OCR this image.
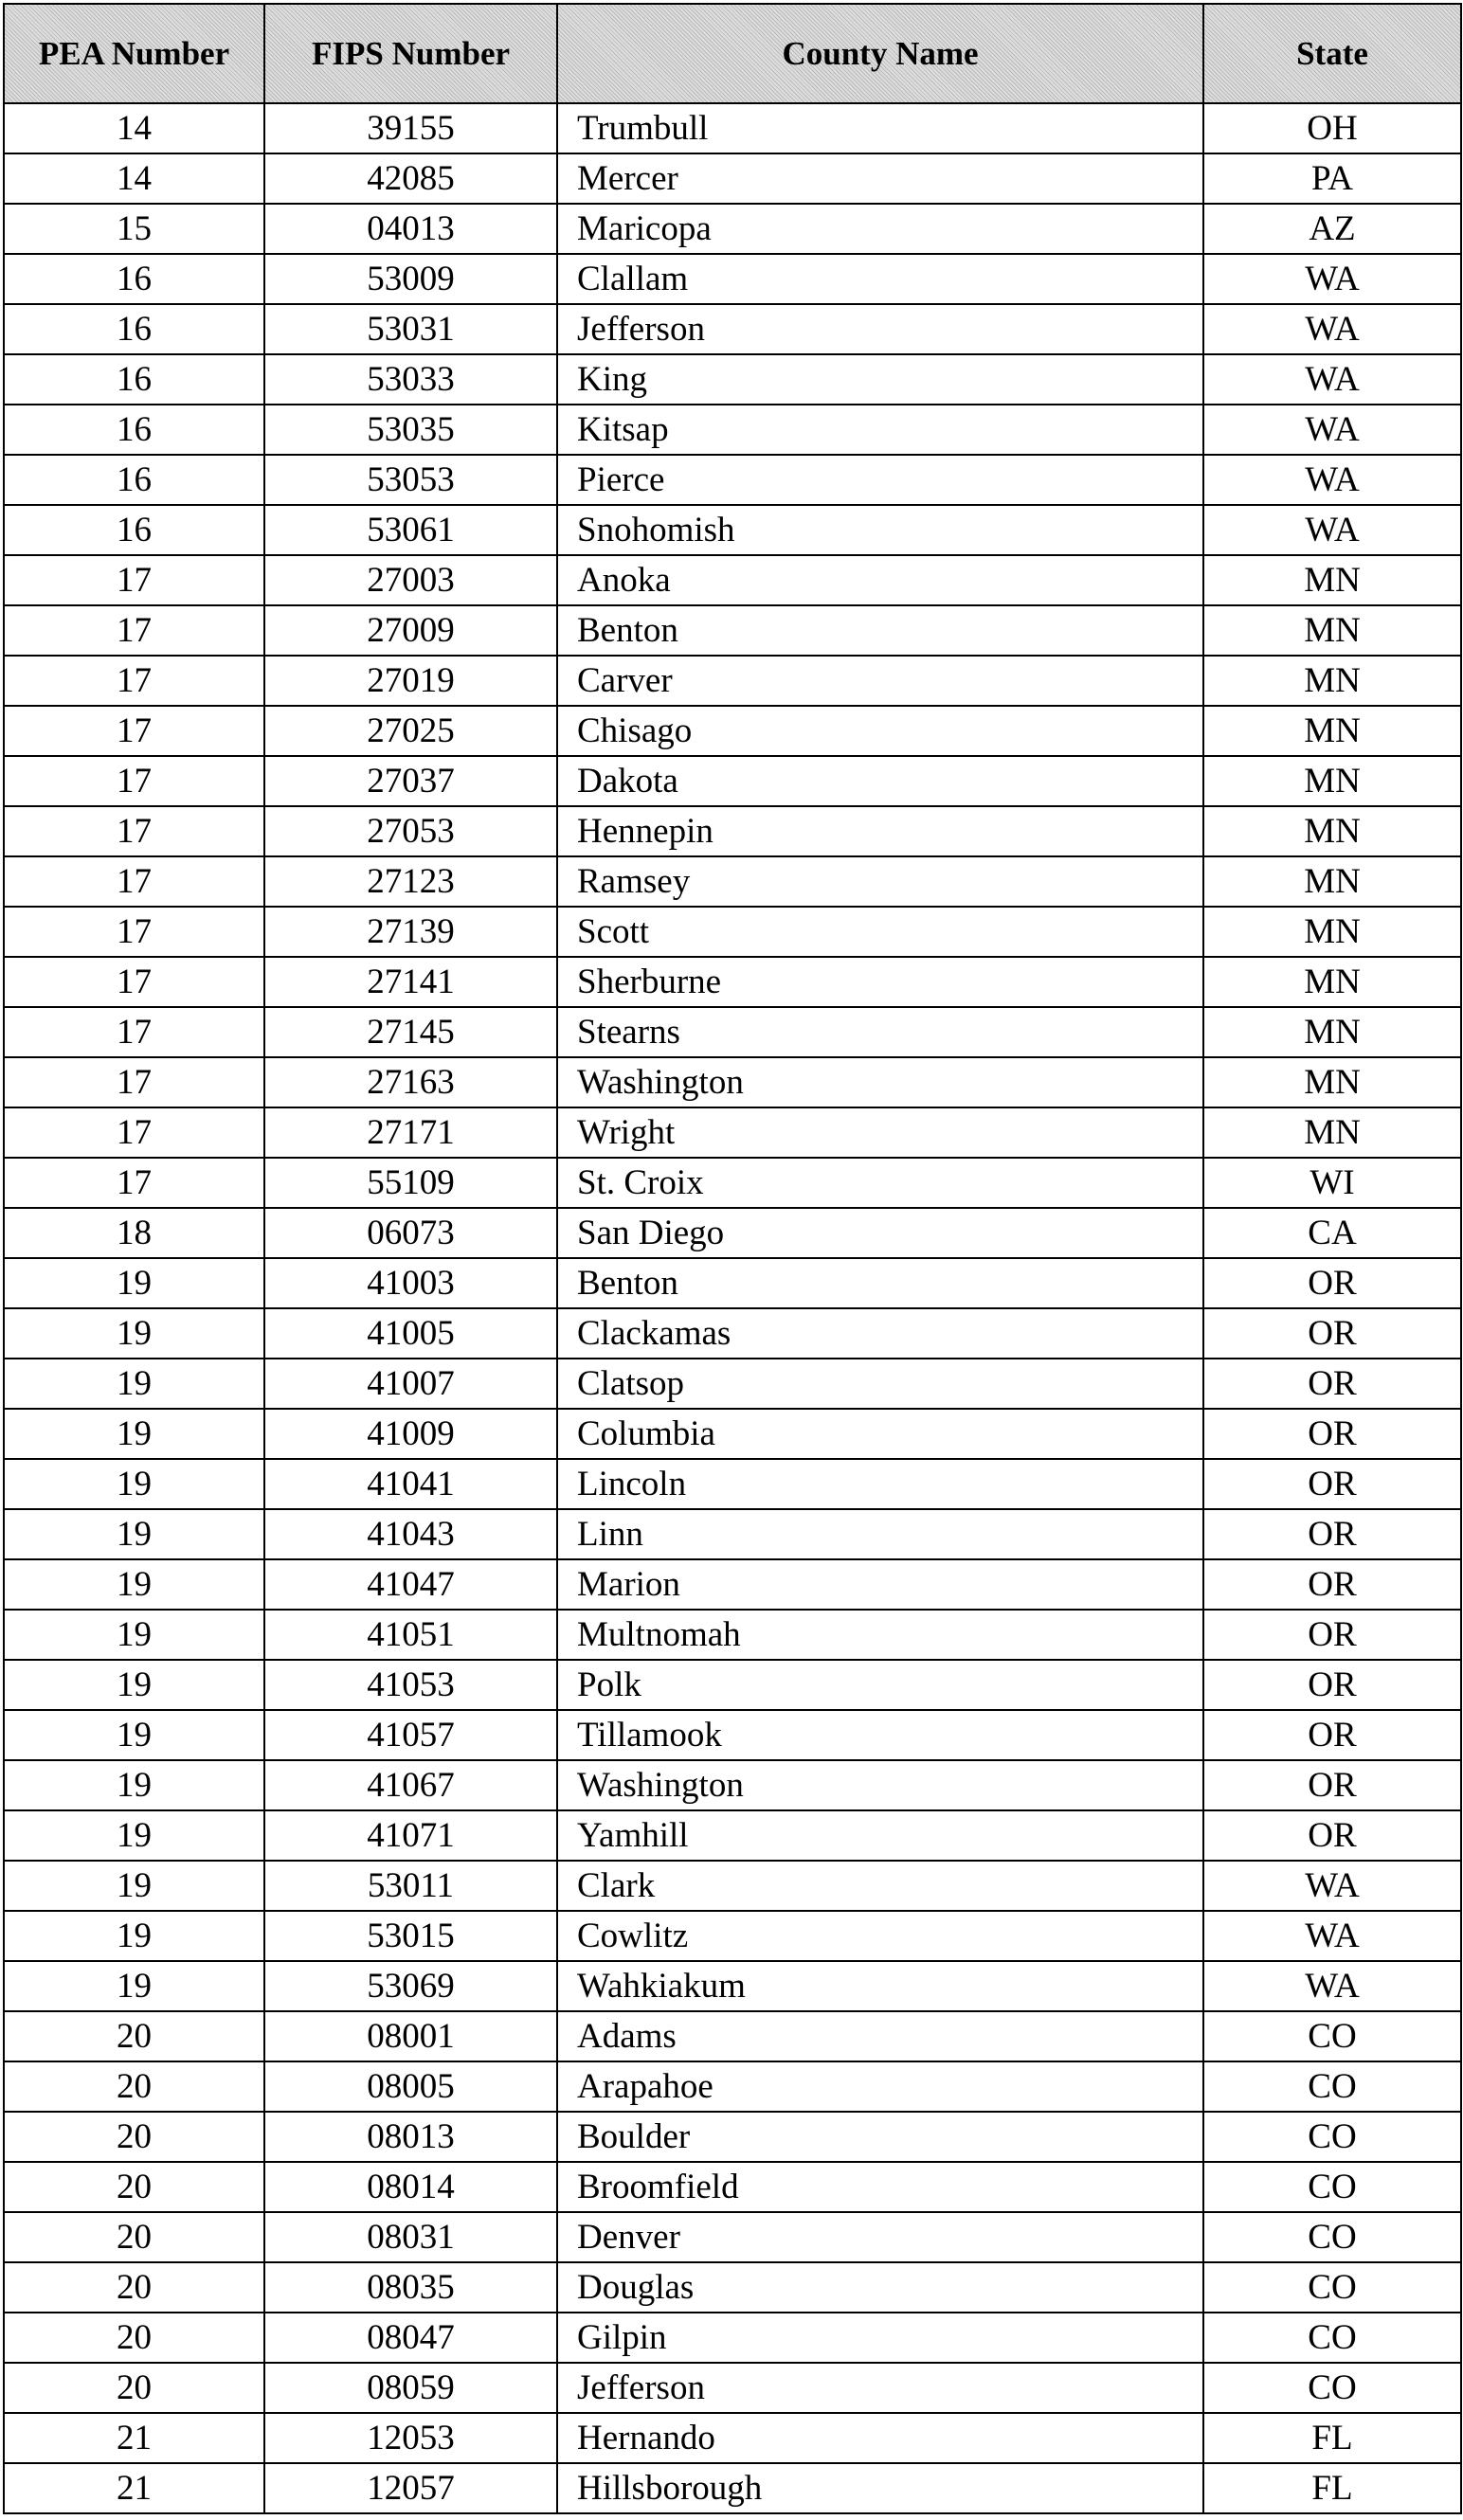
PEA Number	FIPS Number	County Name	State
14	39155	Trumbull	OH
14	42085	Mercer	PA
15	04013	Maricopa	AZ
16	53009	Clallam	WA
16	53031	Jefferson	WA
16	53033	King	WA
16	53035	Kitsap	WA
16	53053	Pierce	WA
16	53061	Snohomish	WA
17	27003	Anoka	MN
17	27009	Benton	MN
17	27019	Carver	MN
17	27025	Chisago	MN
17	27037	Dakota	MN
17	27053	Hennepin	MN
17	27123	Ramsey	MN
17	27139	Scott	MN
17	27141	Sherburne	MN
17	27145	Stearns	MN
17	27163	Washington	MN
17	27171	Wright	MN
17	55109	St. Croix	WI
18	06073	San Diego	CA
19	41003	Benton	OR
19	41005	Clackamas	OR
19	41007	Clatsop	OR
19	41009	Columbia	OR
19	41041	Lincoln	OR
19	41043	Linn	OR
19	41047	Marion	OR
19	41051	Multnomah	OR
19	41053	Polk	OR
19	41057	Tillamook	OR
19	41067	Washington	OR
19	41071	Yamhill	OR
19	53011	Clark	WA
19	53015	Cowlitz	WA
19	53069	Wahkiakum	WA
20	08001	Adams	CO
20	08005	Arapahoe	CO
20	08013	Boulder	CO
20	08014	Broomfield	CO
20	08031	Denver	CO
20	08035	Douglas	CO
20	08047	Gilpin	CO
20	08059	Jefferson	CO
21	12053	Hernando	FL
21	12057	Hillsborough	FL
